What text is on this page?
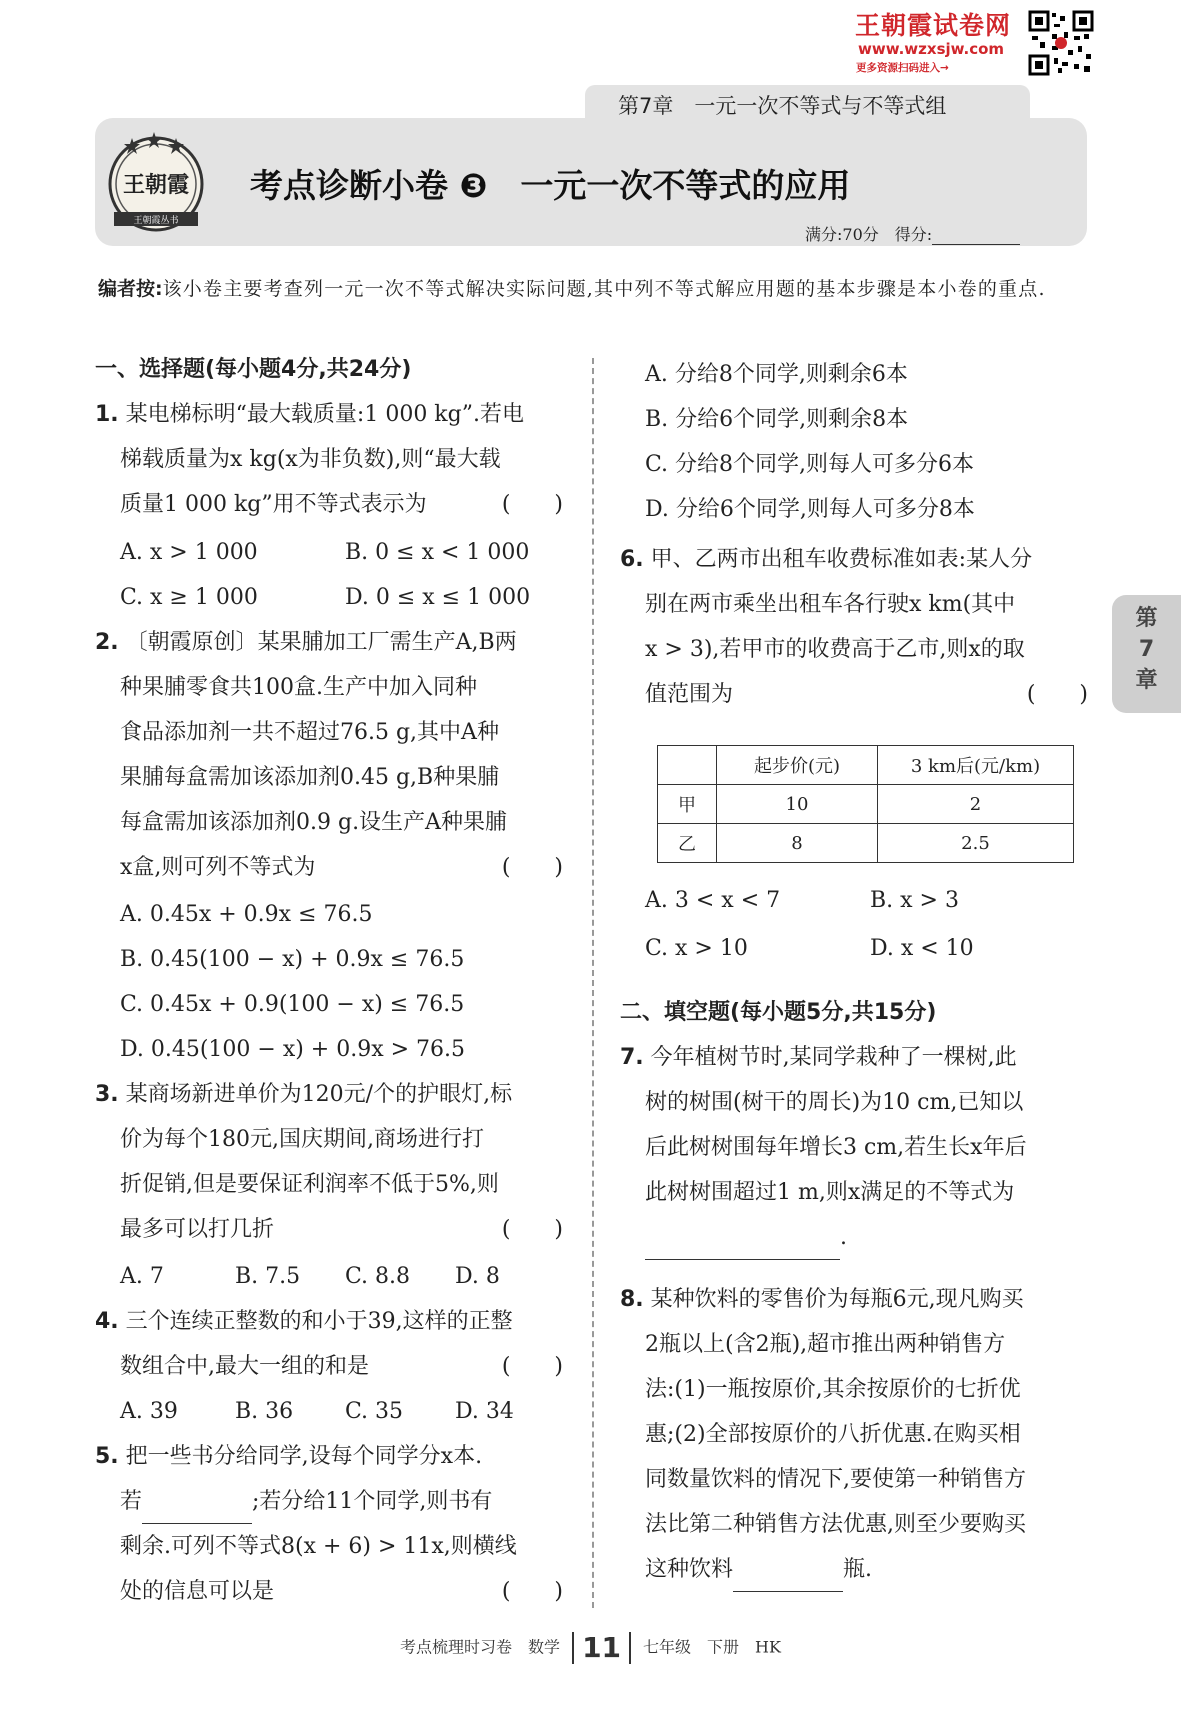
王朝霞试卷网
www.wzxsjw.com
更多资源扫码进入→
第7章　一元一次不等式与不等式组
王朝霞
王朝霞丛书
考点诊断小卷 ❸　一元一次不等式的应用
满分:70分　得分:
编者按:该小卷主要考查列一元一次不等式解决实际问题,其中列不等式解应用题的基本步骤是本小卷的重点.
一、选择题(每小题4分,共24分)
1. 某电梯标明“最大载质量:1 000 kg”.若电
梯载质量为x kg(x为非负数),则“最大载
质量1 000 kg”用不等式表示为	(　　)
A. x > 1 000	B. 0 ≤ x < 1 000
C. x ≥ 1 000	D. 0 ≤ x ≤ 1 000
2. 〔朝霞原创〕某果脯加工厂需生产A,B两
种果脯零食共100盒.生产中加入同种
食品添加剂一共不超过76.5 g,其中A种
果脯每盒需加该添加剂0.45 g,B种果脯
每盒需加该添加剂0.9 g.设生产A种果脯
x盒,则可列不等式为	(　　)
A. 0.45x + 0.9x ≤ 76.5
B. 0.45(100 − x) + 0.9x ≤ 76.5
C. 0.45x + 0.9(100 − x) ≤ 76.5
D. 0.45(100 − x) + 0.9x > 76.5
3. 某商场新进单价为120元/个的护眼灯,标
价为每个180元,国庆期间,商场进行打
折促销,但是要保证利润率不低于5%,则
最多可以打几折	(　　)
A. 7	B. 7.5 C. 8.8 D. 8
4. 三个连续正整数的和小于39,这样的正整
数组合中,最大一组的和是	(　　)
A. 39	B. 36 C. 35 D. 34
5. 把一些书分给同学,设每个同学分x本.
若	;若分给11个同学,则书有
剩余.可列不等式8(x + 6) > 11x,则横线
处的信息可以是	(　　)
A. 分给8个同学,则剩余6本
B. 分给6个同学,则剩余8本
C. 分给8个同学,则每人可多分6本
D. 分给6个同学,则每人可多分8本
6. 甲、乙两市出租车收费标准如表:某人分
别在两市乘坐出租车各行驶x km(其中
x > 3),若甲市的收费高于乙市,则x的取
值范围为	(　　)
	起步价(元)	3 km后(元/km)
甲	10	2
乙	8	2.5
A. 3 < x < 7	B. x > 3
C. x > 10	D. x < 10
二、填空题(每小题5分,共15分)
7. 今年植树节时,某同学栽种了一棵树,此
树的树围(树干的周长)为10 cm,已知以
后此树树围每年增长3 cm,若生长x年后
此树树围超过1 m,则x满足的不等式为
.
8. 某种饮料的零售价为每瓶6元,现凡购买
2瓶以上(含2瓶),超市推出两种销售方
法:(1)一瓶按原价,其余按原价的七折优
惠;(2)全部按原价的八折优惠.在购买相
同数量饮料的情况下,要使第一种销售方
法比第二种销售方法优惠,则至少要购买
这种饮料	瓶.
第
7
章
考点梳理时习卷　数学 11 七年级　下册　HK
